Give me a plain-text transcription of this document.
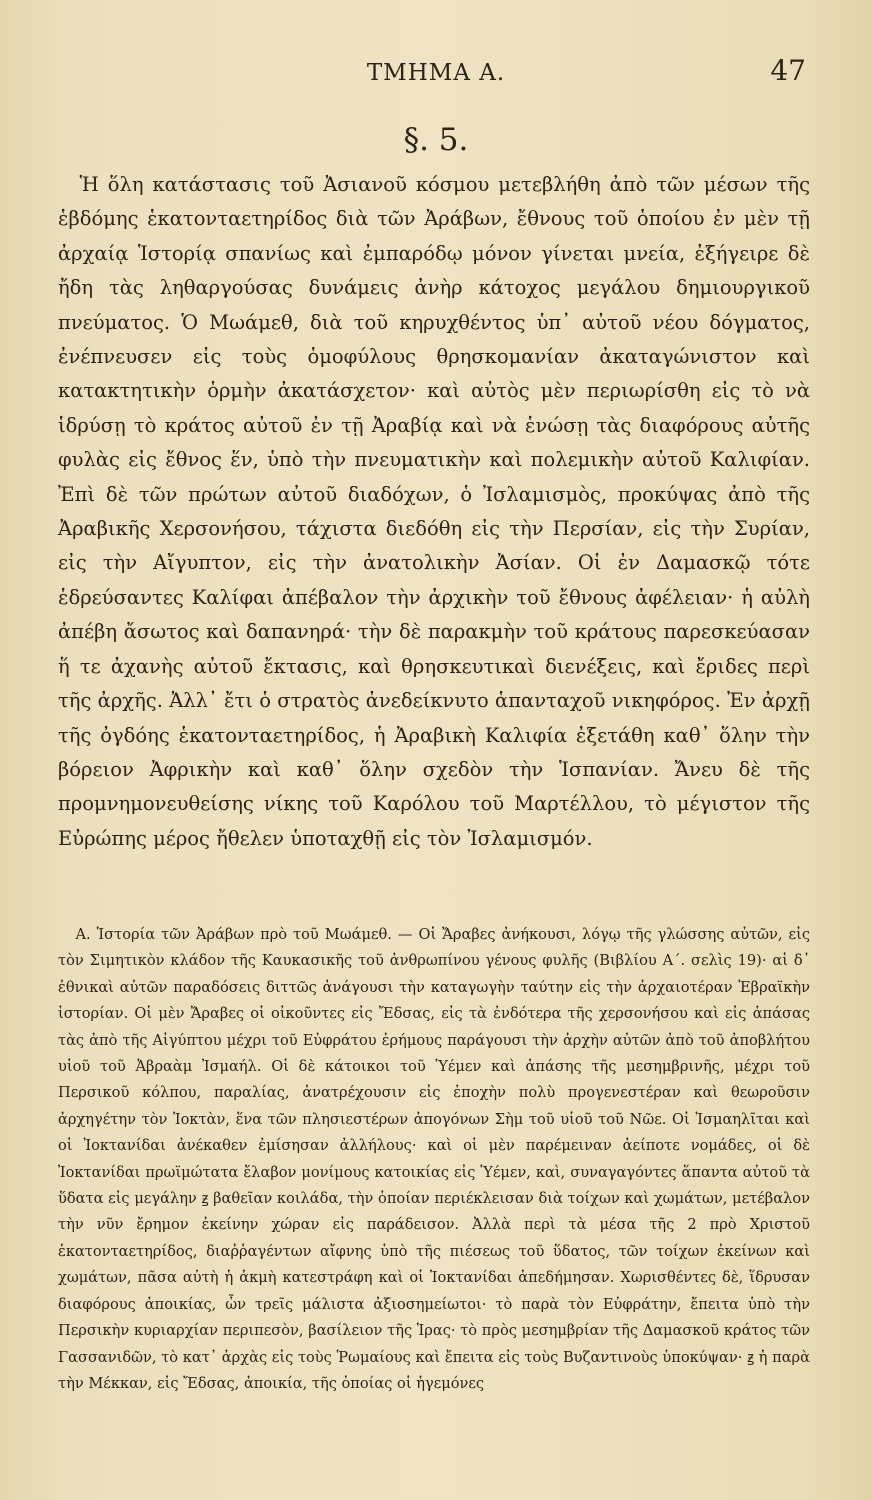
ΤΜΗΜΑ Α.	47
§. 5.

Ἡ ὅλη κατάστασις τοῦ Ἀσιανοῦ κόσμου μετεβλήθη ἀπὸ τῶν μέσων τῆς ἑβδόμης ἑκατονταετηρίδος διὰ τῶν Ἀράβων, ἔθνους τοῦ ὁποίου ἐν μὲν τῇ ἀρχαίᾳ Ἱστορίᾳ σπανίως καὶ ἐμπαρόδῳ μόνον γίνεται μνεία, ἐξήγειρε δὲ ἤδη τὰς ληθαργούσας δυνάμεις ἀνὴρ κάτοχος μεγάλου δημιουργικοῦ πνεύματος. Ὁ Μωάμεθ, διὰ τοῦ κηρυχθέντος ὑπ᾽ αὐτοῦ νέου δόγματος, ἐνέπνευσεν εἰς τοὺς ὁμοφύλους θρησκομανίαν ἀκαταγώνιστον καὶ κατακτητικὴν ὁρμὴν ἀκατάσχετον· καὶ αὐτὸς μὲν περιωρίσθη εἰς τὸ νὰ ἱδρύσῃ τὸ κράτος αὐτοῦ ἐν τῇ Ἀραβίᾳ καὶ νὰ ἑνώσῃ τὰς διαφόρους αὐτῆς φυλὰς εἰς ἔθνος ἕν, ὑπὸ τὴν πνευματικὴν καὶ πολεμικὴν αὐτοῦ Καλιφίαν. Ἐπὶ δὲ τῶν πρώτων αὐτοῦ διαδόχων, ὁ Ἰσλαμισμὸς, προκύψας ἀπὸ τῆς Ἀραβικῆς Χερσονήσου, τάχιστα διεδόθη εἰς τὴν Περσίαν, εἰς τὴν Συρίαν, εἰς τὴν Αἴγυπτον, εἰς τὴν ἀνατολικὴν Ἀσίαν. Οἱ ἐν Δαμασκῷ τότε ἑδρεύσαντες Καλίφαι ἀπέβαλον τὴν ἀρχικὴν τοῦ ἔθνους ἀφέλειαν· ἡ αὐλὴ ἀπέβη ἄσωτος καὶ δαπανηρά· τὴν δὲ παρακμὴν τοῦ κράτους παρεσκεύασαν ἥ τε ἀχανὴς αὐτοῦ ἔκτασις, καὶ θρησκευτικαὶ διενέξεις, καὶ ἔριδες περὶ τῆς ἀρχῆς. Ἀλλ᾽ ἔτι ὁ στρατὸς ἀνεδείκνυτο ἁπανταχοῦ νικηφόρος. Ἐν ἀρχῇ τῆς ὀγδόης ἑκατονταετηρίδος, ἡ Ἀραβικὴ Καλιφία ἐξετάθη καθ᾽ ὅλην τὴν βόρειον Ἀφρικὴν καὶ καθ᾽ ὅλην σχεδὸν τὴν Ἱσπανίαν. Ἄνευ δὲ τῆς προμνημονευθείσης νίκης τοῦ Καρόλου τοῦ Μαρτέλλου, τὸ μέγιστον τῆς Εὐρώπης μέρος ἤθελεν ὑποταχθῇ εἰς τὸν Ἰσλαμισμόν.

Α. Ἱστορία τῶν Ἀράβων πρὸ τοῦ Μωάμεθ. — Οἱ Ἄραβες ἀνήκουσι, λόγῳ τῆς γλώσσης αὐτῶν, εἰς τὸν Σιμητικὸν κλάδον τῆς Καυκασικῆς τοῦ ἀνθρωπίνου γένους φυλῆς (Βιβλίου Α΄. σελὶς 19)· αἱ δ᾽ ἐθνικαὶ αὐτῶν παραδόσεις διττῶς ἀνάγουσι τὴν καταγωγὴν ταύτην εἰς τὴν ἀρχαιοτέραν Ἑβραϊκὴν ἱστορίαν. Οἱ μὲν Ἄραβες οἱ οἰκοῦντες εἰς Ἔδσας, εἰς τὰ ἐνδότερα τῆς χερσονήσου καὶ εἰς ἁπάσας τὰς ἀπὸ τῆς Αἰγύπτου μέχρι τοῦ Εὐφράτου ἐρήμους παράγουσι τὴν ἀρχὴν αὐτῶν ἀπὸ τοῦ ἀποβλήτου υἱοῦ τοῦ Ἀβραὰμ Ἰσμαήλ. Οἱ δὲ κάτοικοι τοῦ Ὑέμεν καὶ ἁπάσης τῆς μεσημβρινῆς, μέχρι τοῦ Περσικοῦ κόλπου, παραλίας, ἀνατρέχουσιν εἰς ἐποχὴν πολὺ προγενεστέραν καὶ θεωροῦσιν ἀρχηγέτην τὸν Ἰοκτὰν, ἕνα τῶν πλησιεστέρων ἀπογόνων Σὴμ τοῦ υἱοῦ τοῦ Νῶε. Οἱ Ἰσμαηλῖται καὶ οἱ Ἰοκτανίδαι ἀνέκαθεν ἐμίσησαν ἀλλήλους· καὶ οἱ μὲν παρέμειναν ἀείποτε νομάδες, οἱ δὲ Ἰοκτανίδαι πρωϊμώτατα ἔλαβον μονίμους κατοικίας εἰς Ὑέμεν, καὶ, συναγαγόντες ἅπαντα αὐτοῦ τὰ ὕδατα εἰς μεγάλην ꙃ βαθεῖαν κοιλάδα, τὴν ὁποίαν περιέκλεισαν διὰ τοίχων καὶ χωμάτων, μετέβαλον τὴν νῦν ἔρημον ἐκείνην χώραν εἰς παράδεισον. Ἀλλὰ περὶ τὰ μέσα τῆς 2 πρὸ Χριστοῦ ἑκατονταετηρίδος, διαῤῥαγέντων αἴφνης ὑπὸ τῆς πιέσεως τοῦ ὕδατος, τῶν τοίχων ἐκείνων καὶ χωμάτων, πᾶσα αὐτὴ ἡ ἀκμὴ κατεστράφη καὶ οἱ Ἰοκτανίδαι ἀπεδήμησαν. Χωρισθέντες δὲ, ἵδρυσαν διαφόρους ἀποικίας, ὧν τρεῖς μάλιστα ἀξιοσημείωτοι· τὸ παρὰ τὸν Εὐφράτην, ἔπειτα ὑπὸ τὴν Περσικὴν κυριαρχίαν περιπεσὸν, βασίλειον τῆς Ἱρας· τὸ πρὸς μεσημβρίαν τῆς Δαμασκοῦ κράτος τῶν Γασσανιδῶν, τὸ κατ᾽ ἀρχὰς εἰς τοὺς Ῥωμαίους καὶ ἔπειτα εἰς τοὺς Βυζαντινοὺς ὑποκύψαν· ꙃ ἡ παρὰ τὴν Μέκκαν, εἰς Ἔδσας, ἀποικία, τῆς ὁποίας οἱ ἡγεμόνες
